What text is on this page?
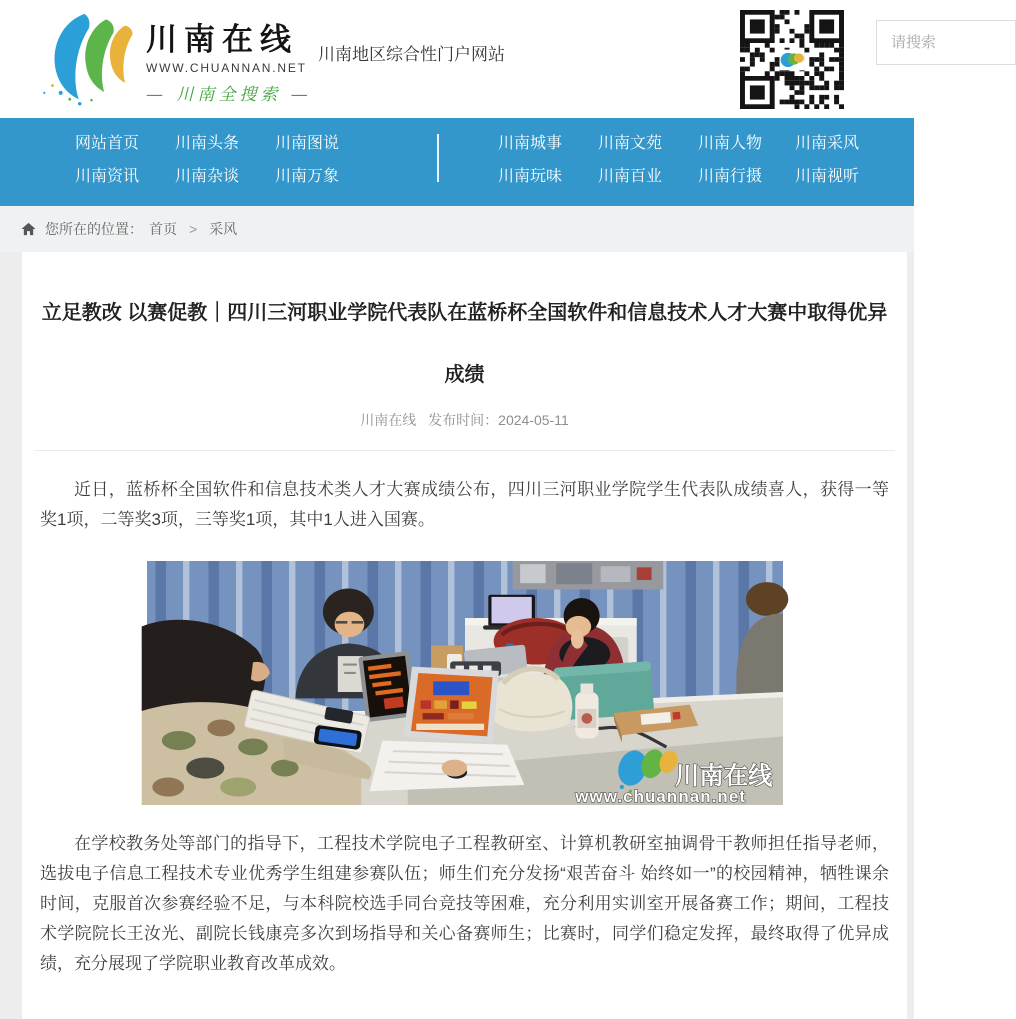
川南在线
WWW.CHUANNAN.NET
— 川南全搜索 —
川南地区综合性门户网站
请搜索
网站首页 川南头条 川南图说
川南资讯 川南杂谈 川南万象
川南城事 川南文苑 川南人物 川南采风
川南玩味 川南百业 川南行摄 川南视听
您所在的位置： 首页 > 采风
立足教改 以赛促教｜四川三河职业学院代表队在蓝桥杯全国软件和信息技术人才大赛中取得优异
成绩
川南在线 发布时间：2024-05-11

近日，蓝桥杯全国软件和信息技术类人才大赛成绩公布，四川三河职业学院学生代表队成绩喜人，获得一等奖1项，二等奖3项，三等奖1项，其中1人进入国赛。

川南在线
www.chuannan.net

在学校教务处等部门的指导下，工程技术学院电子工程教研室、计算机教研室抽调骨干教师担任指导老师，选拔电子信息工程技术专业优秀学生组建参赛队伍；师生们充分发扬“艰苦奋斗 始终如一”的校园精神，牺牲课余时间，克服首次参赛经验不足，与本科院校选手同台竞技等困难，充分利用实训室开展备赛工作；期间，工程技术学院院长王汝光、副院长钱康亮多次到场指导和关心备赛师生；比赛时，同学们稳定发挥，最终取得了优异成绩，充分展现了学院职业教育改革成效。
